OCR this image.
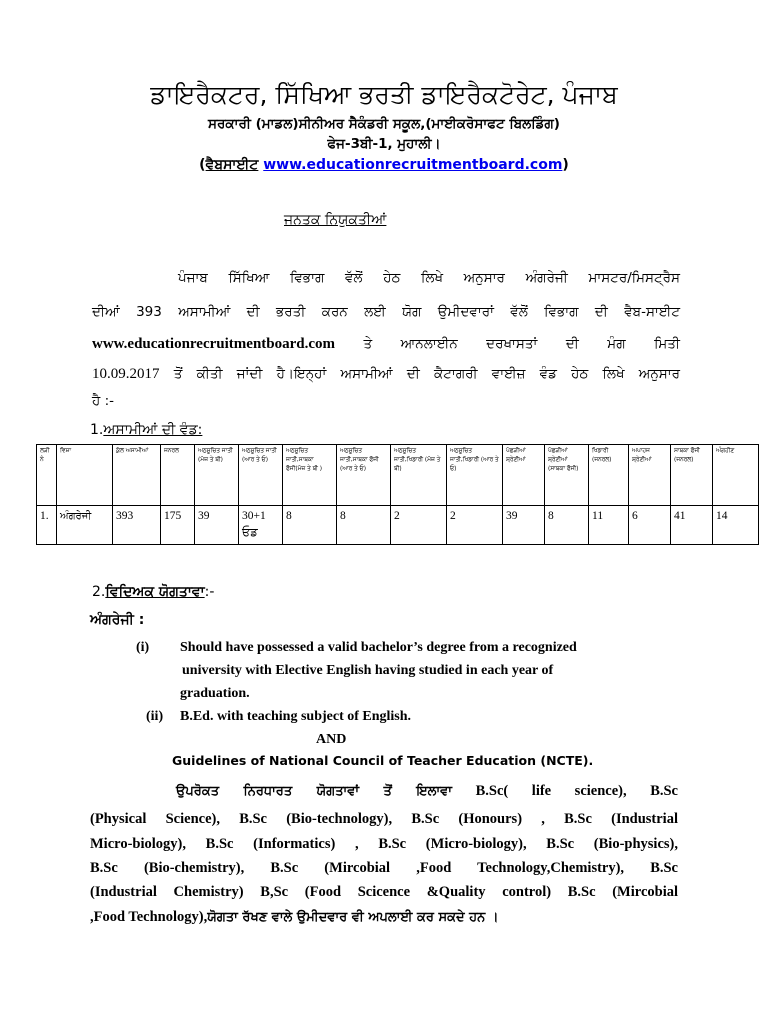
ਡਾਇਰੈਕਟਰ, ਸਿੱਖਿਆ ਭਰਤੀ ਡਾਇਰੈਕਟੋਰੇਟ, ਪੰਜਾਬ
ਸਰਕਾਰੀ (ਮਾਡਲ)ਸੀਨੀਅਰ ਸੈਕੰਡਰੀ ਸਕੂਲ,(ਮਾਈਕਰੋਸਾਫਟ ਬਿਲਡਿੰਗ)
ਫੇਜ-3ਬੀ-1, ਮੁਹਾਲੀ।
(ਵੈਬਸਾਈਟ www.educationrecruitmentboard.com)
ਜਨਤਕ ਨਿਯੁਕਤੀਆਂ
ਪੰਜਾਬ ਸਿੱਖਿਆ ਵਿਭਾਗ ਵੱਲੋਂ ਹੇਠ ਲਿਖੇ ਅਨੁਸਾਰ ਅੰਗਰੇਜੀ ਮਾਸਟਰ/ਮਿਸਟ੍ਰੈਸ
ਦੀਆਂ 393 ਅਸਾਮੀਆਂ ਦੀ ਭਰਤੀ ਕਰਨ ਲਈ ਯੋਗ ਉਮੀਦਵਾਰਾਂ ਵੱਲੋਂ ਵਿਭਾਗ ਦੀ ਵੈਬ-ਸਾਈਟ
www.educationrecruitmentboard.com ਤੇ ਆਨਲਾਈਨ ਦਰਖਾਸਤਾਂ ਦੀ ਮੰਗ ਮਿਤੀ
10.09.2017 ਤੋਂ ਕੀਤੀ ਜਾਂਦੀ ਹੈ।ਇਨ੍ਹਾਂ ਅਸਾਮੀਆਂ ਦੀ ਕੈਟਾਗਰੀ ਵਾਈਜ਼ ਵੰਡ ਹੇਠ ਲਿਖੇ ਅਨੁਸਾਰ
ਹੈ :-
1.ਅਸਾਮੀਆਂ ਦੀ ਵੰਡ:
ਲੜੀ ਨੰ	ਵਿਸ਼ਾ	ਕੁੱਲ ਅਸਾਮੀਆਂ	ਜਨਰਲ	ਅਨੁਸੂਚਿਤ ਜਾਤੀ (ਮੱਜ਼ ਤੇ ਬੀ)	ਅਨੁਸੂਚਿਤ ਜਾਤੀ (ਆਰ ਤੇ ਓ)	ਅਨੁਸੂਚਿਤ ਜਾਤੀ,ਸਾਬਕਾ ਫੌਜੀ(ਮੱਜ਼ ਤੇ ਬੀ )	ਅਨੁਸੂਚਿਤ ਜਾਤੀ,ਸਾਬਕਾ ਫੌਜੀ (ਆਰ ਤੇ ਓ)	ਅਨੁਸੂਚਿਤ ਜਾਤੀ,ਖਿਡਾਰੀ (ਮੱਜ਼ ਤੇ ਬੀ)	ਅਨੁਸੂਚਿਤ ਜਾਤੀ,ਖਿਡਾਰੀ (ਆਰ ਤੇ ਓ)	ਪੱਛੜੀਆਂ ਸ਼੍ਰੇਣੀਆਂ	ਪੱਛੜੀਆਂ ਸ਼੍ਰੇਣੀਆਂ (ਸਾਬਕਾ ਫੌਜੀ)	ਖਿਡਾਰੀ (ਜਨਰਲ)	ਅਪਾਹਜ ਸ਼੍ਰੇਣੀਆਂ	ਸਾਬਕਾ ਫੌਜੀ (ਜਨਰਲ)	ਅੰਗਹੀਣ
1.	ਅੰਗਰੇਜੀ	393	175	39	30+1 ਓਡ	8	8	2	2	39	8	11	6	41	14
2.ਵਿਦਿਅਕ ਯੋਗਤਾਵਾ:-
ਅੰਗਰੇਜੀ :
(i) Should have possessed a valid bachelor’s degree from a recognized
university with Elective English having studied in each year of
graduation.
(ii) B.Ed. with teaching subject of English.
AND
Guidelines of National Council of Teacher Education (NCTE).
ਉਪਰੋਕਤ ਨਿਰਧਾਰਤ ਯੋਗਤਾਵਾਂ ਤੋਂ ਇਲਾਵਾ B.Sc( life science), B.Sc
(Physical Science), B.Sc (Bio-technology), B.Sc (Honours) , B.Sc (Industrial
Micro-biology), B.Sc (Informatics) , B.Sc (Micro-biology), B.Sc (Bio-physics),
B.Sc (Bio-chemistry), B.Sc (Mircobial ,Food Technology,Chemistry), B.Sc
(Industrial Chemistry) B,Sc (Food Scicence &Quality control) B.Sc (Mircobial
,Food Technology),ਯੋਗਤਾ ਰੱਖਣ ਵਾਲੇ ਉਮੀਦਵਾਰ ਵੀ ਅਪਲਾਈ ਕਰ ਸਕਦੇ ਹਨ ।
